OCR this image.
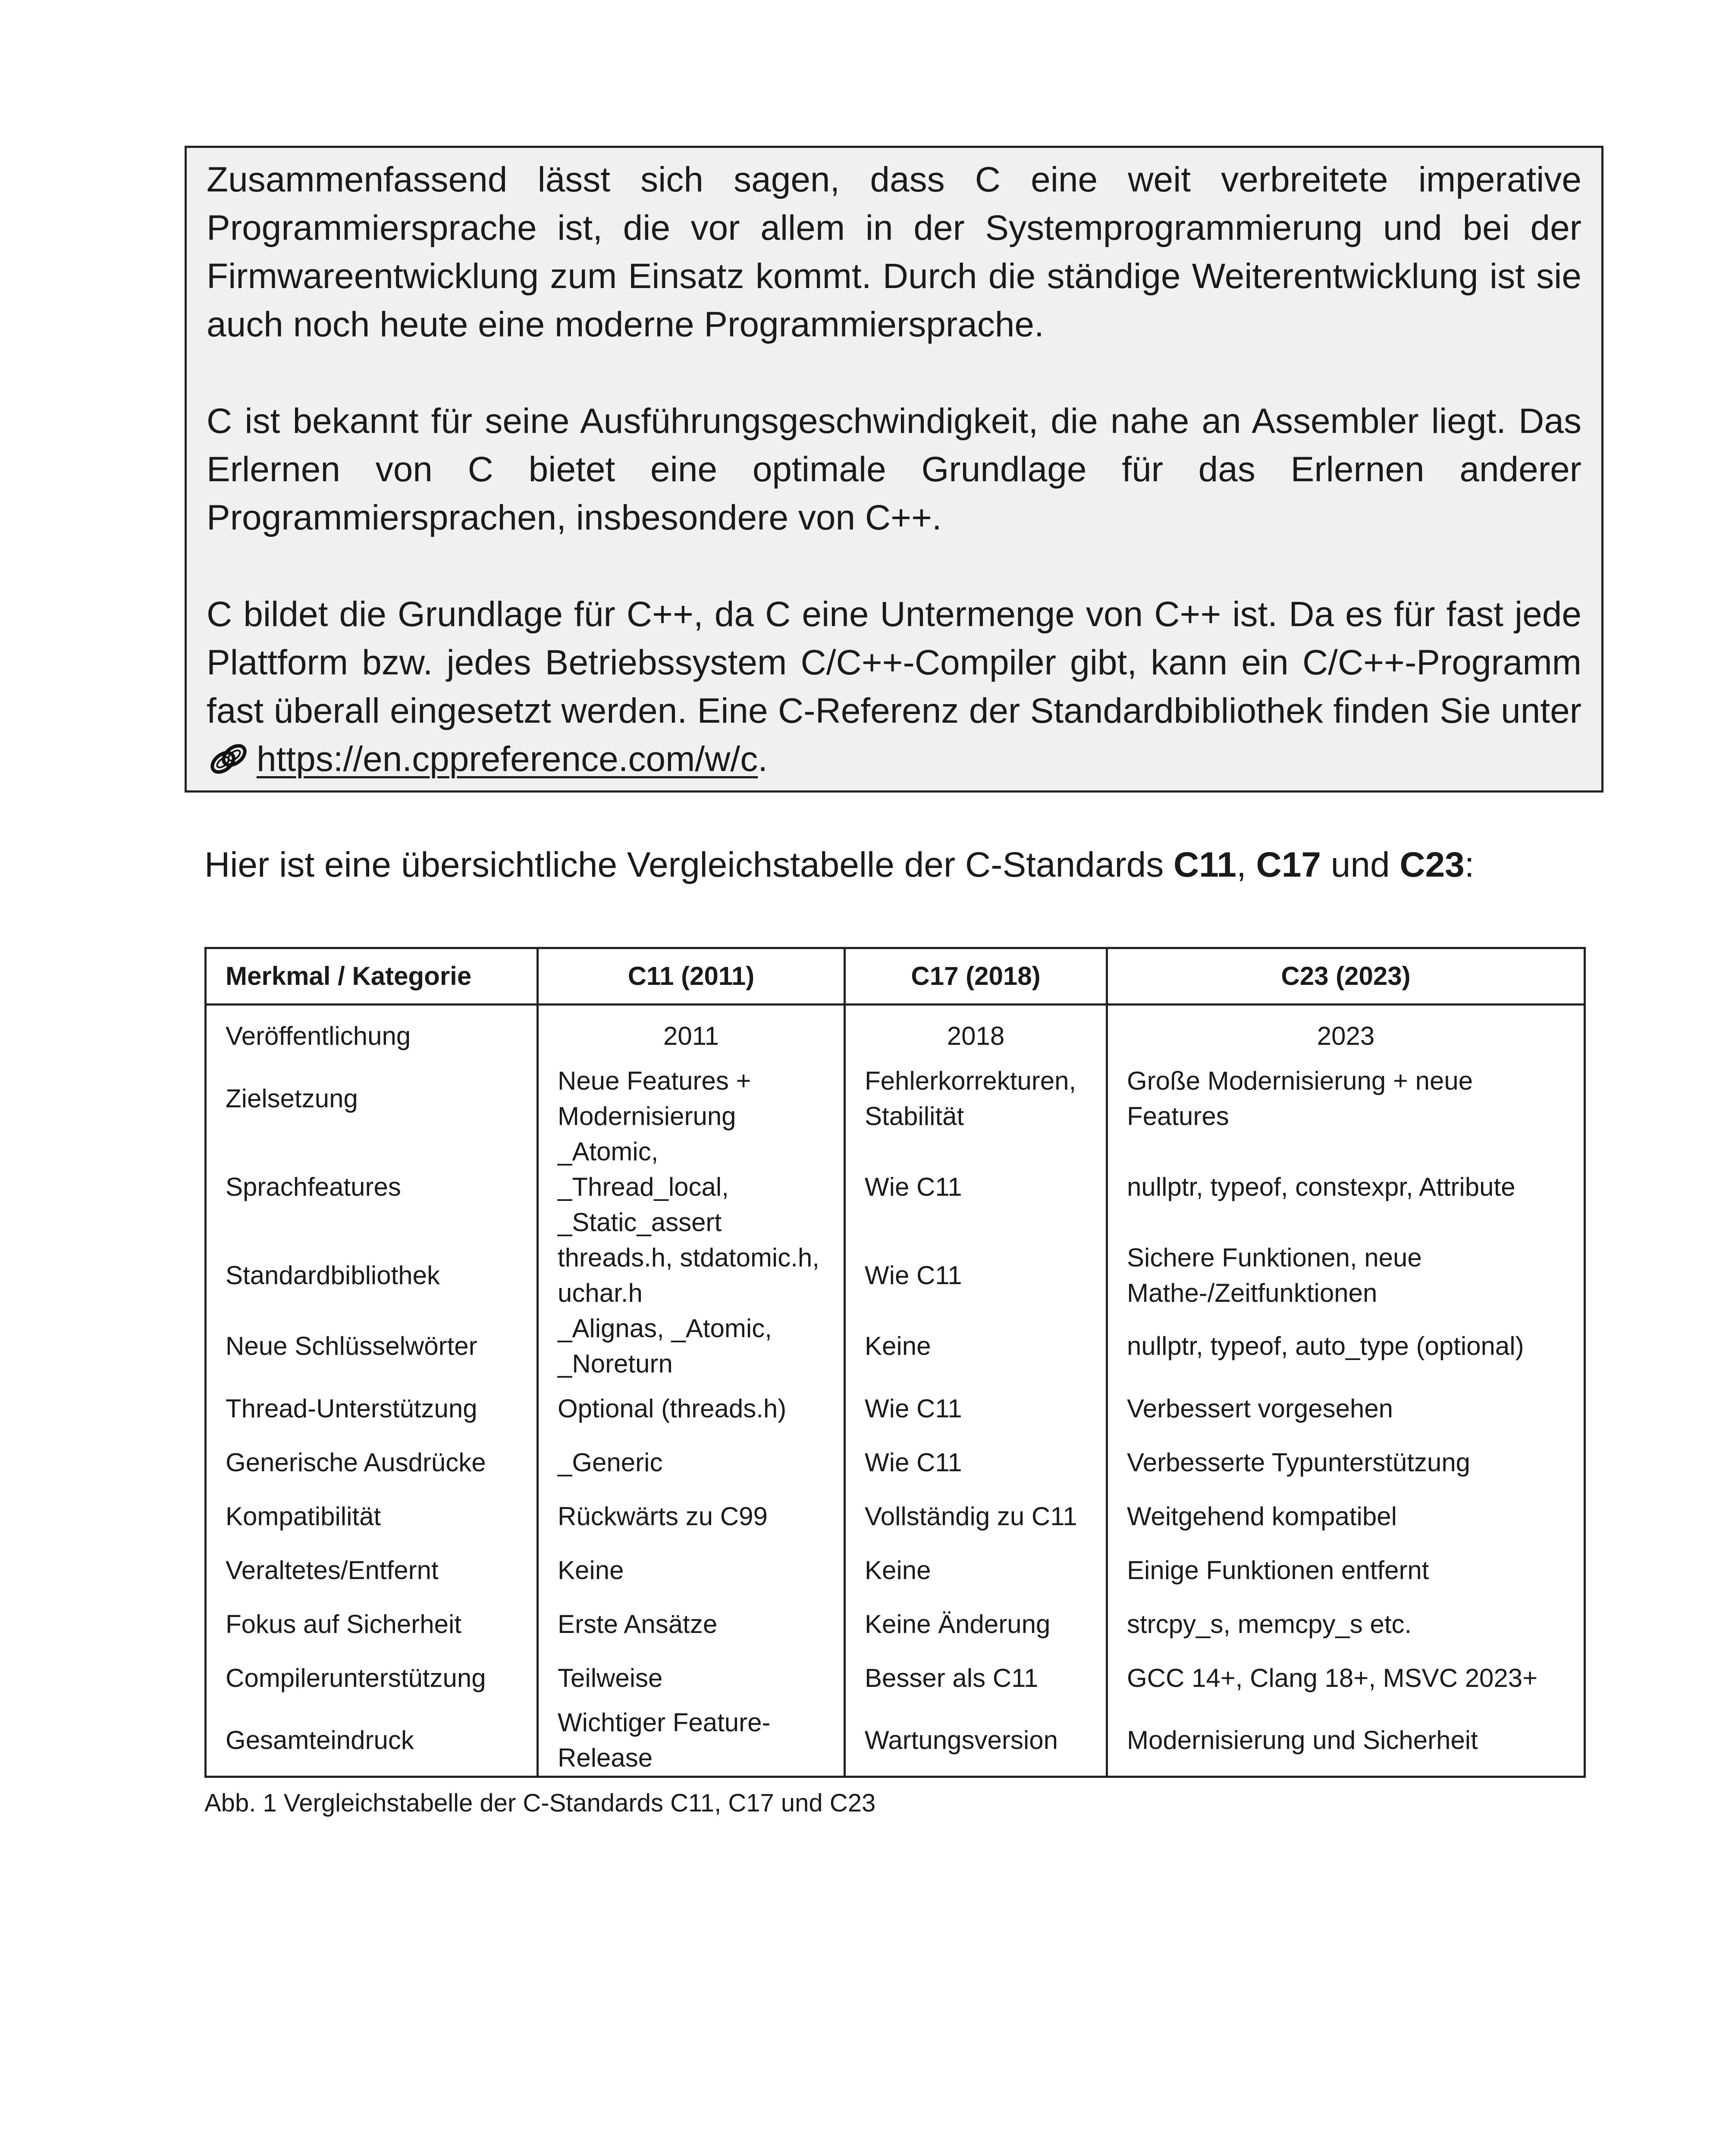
Zusammenfassend lässt sich sagen, dass C eine weit verbreitete imperative Programmiersprache ist, die vor allem in der Systemprogrammierung und bei der Firmwareentwicklung zum Einsatz kommt. Durch die ständige Weiterentwicklung ist sie auch noch heute eine moderne Programmiersprache.

C ist bekannt für seine Ausführungsgeschwindigkeit, die nahe an Assembler liegt. Das Erlernen von C bietet eine optimale Grundlage für das Erlernen anderer Programmiersprachen, insbesondere von C++.

C bildet die Grundlage für C++, da C eine Untermenge von C++ ist. Da es für fast jede Plattform bzw. jedes Betriebssystem C/C++-Compiler gibt, kann ein C/C++-Programm fast überall eingesetzt werden. Eine C-Referenz der Standardbibliothek finden Sie unter https://en.cppreference.com/w/c.

Hier ist eine übersichtliche Vergleichstabelle der C-Standards C11, C17 und C23:

Merkmal / Kategorie	C11 (2011)	C17 (2018)	C23 (2023)
Veröffentlichung	2011	2018	2023
Zielsetzung	Neue Features + Modernisierung	Fehlerkorrekturen, Stabilität	Große Modernisierung + neue Features
Sprachfeatures	_Atomic, _Thread_local, _Static_assert	Wie C11	nullptr, typeof, constexpr, Attribute
Standardbibliothek	threads.h, stdatomic.h, uchar.h	Wie C11	Sichere Funktionen, neue Mathe-/Zeitfunktionen
Neue Schlüsselwörter	_Alignas, _Atomic, _Noreturn	Keine	nullptr, typeof, auto_type (optional)
Thread-Unterstützung	Optional (threads.h)	Wie C11	Verbessert vorgesehen
Generische Ausdrücke	_Generic	Wie C11	Verbesserte Typunterstützung
Kompatibilität	Rückwärts zu C99	Vollständig zu C11	Weitgehend kompatibel
Veraltetes/Entfernt	Keine	Keine	Einige Funktionen entfernt
Fokus auf Sicherheit	Erste Ansätze	Keine Änderung	strcpy_s, memcpy_s etc.
Compilerunterstützung	Teilweise	Besser als C11	GCC 14+, Clang 18+, MSVC 2023+
Gesamteindruck	Wichtiger Feature-Release	Wartungsversion	Modernisierung und Sicherheit

Abb. 1 Vergleichstabelle der C-Standards C11, C17 und C23
